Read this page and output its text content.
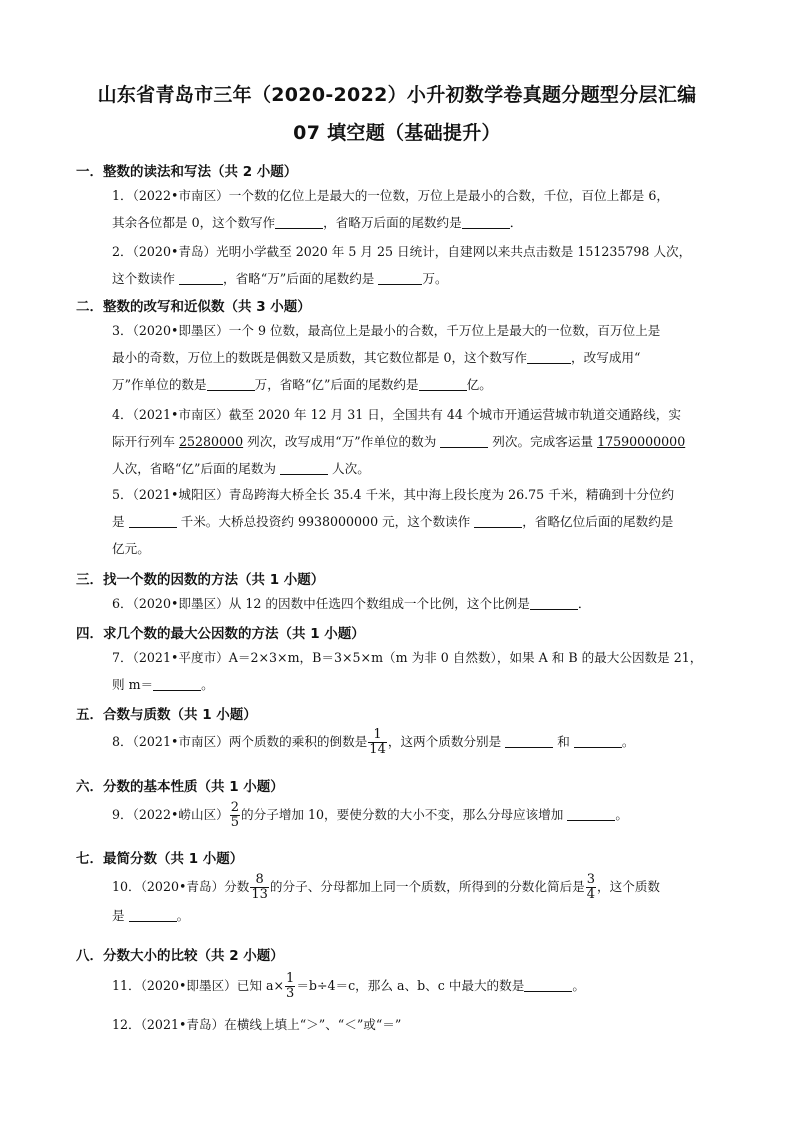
山东省青岛市三年（2020-2022）小升初数学卷真题分题型分层汇编
07 填空题（基础提升）
一．整数的读法和写法（共 2 小题）
1．（2022•市南区）一个数的亿位上是最大的一位数，万位上是最小的合数，千位，百位上都是 6，
其余各位都是 0，这个数写作	，省略万后面的尾数约是	．
2．（2020•青岛）光明小学截至 2020 年 5 月 25 日统计，自建网以来共点击数是 151235798 人次，
这个数读作	，省略“万”后面的尾数约是	万。
二．整数的改写和近似数（共 3 小题）
3．（2020•即墨区）一个 9 位数，最高位上是最小的合数，千万位上是最大的一位数，百万位上是
最小的奇数，万位上的数既是偶数又是质数，其它数位都是 0，这个数写作	，改写成用“
万”作单位的数是	万，省略“亿”后面的尾数约是	亿。
4．（2021•市南区）截至 2020 年 12 月 31 日，全国共有 44 个城市开通运营城市轨道交通路线，实
际开行列车 25280000 列次，改写成用“万”作单位的数为	列次。完成客运量 17590000000
人次，省略“亿”后面的尾数为	人次。
5．（2021•城阳区）青岛跨海大桥全长 35.4 千米，其中海上段长度为 26.75 千米，精确到十分位约
是	千米。大桥总投资约 9938000000 元，这个数读作	，省略亿位后面的尾数约是
亿元。
三．找一个数的因数的方法（共 1 小题）
6．（2020•即墨区）从 12 的因数中任选四个数组成一个比例，这个比例是	．
四．求几个数的最大公因数的方法（共 1 小题）
7．（2021•平度市）A＝2×3×m，B＝3×5×m（m 为非 0 自然数），如果 A 和 B 的最大公因数是 21，
则 m＝	。
五．合数与质数（共 1 小题）
8．（2021•市南区）两个质数的乘积的倒数是 $\frac{1}{14}$ ，这两个质数分别是	和	。
六．分数的基本性质（共 1 小题）
9．（2022•崂山区） $\frac{2}{5}$ 的分子增加 10，要使分数的大小不变，那么分母应该增加	。
七．最简分数（共 1 小题）
10．（2020•青岛）分数 $\frac{8}{13}$ 的分子、分母都加上同一个质数，所得到的分数化简后是 $\frac{3}{4}$ ，这个质数
是	。
八．分数大小的比较（共 2 小题）
11．（2020•即墨区）已知 $a\times \frac{1}{3} =b\div 4=c$，那么 a、b、c 中最大的数是	。
12．（2021•青岛）在横线上填上“＞”、“＜”或“＝”
